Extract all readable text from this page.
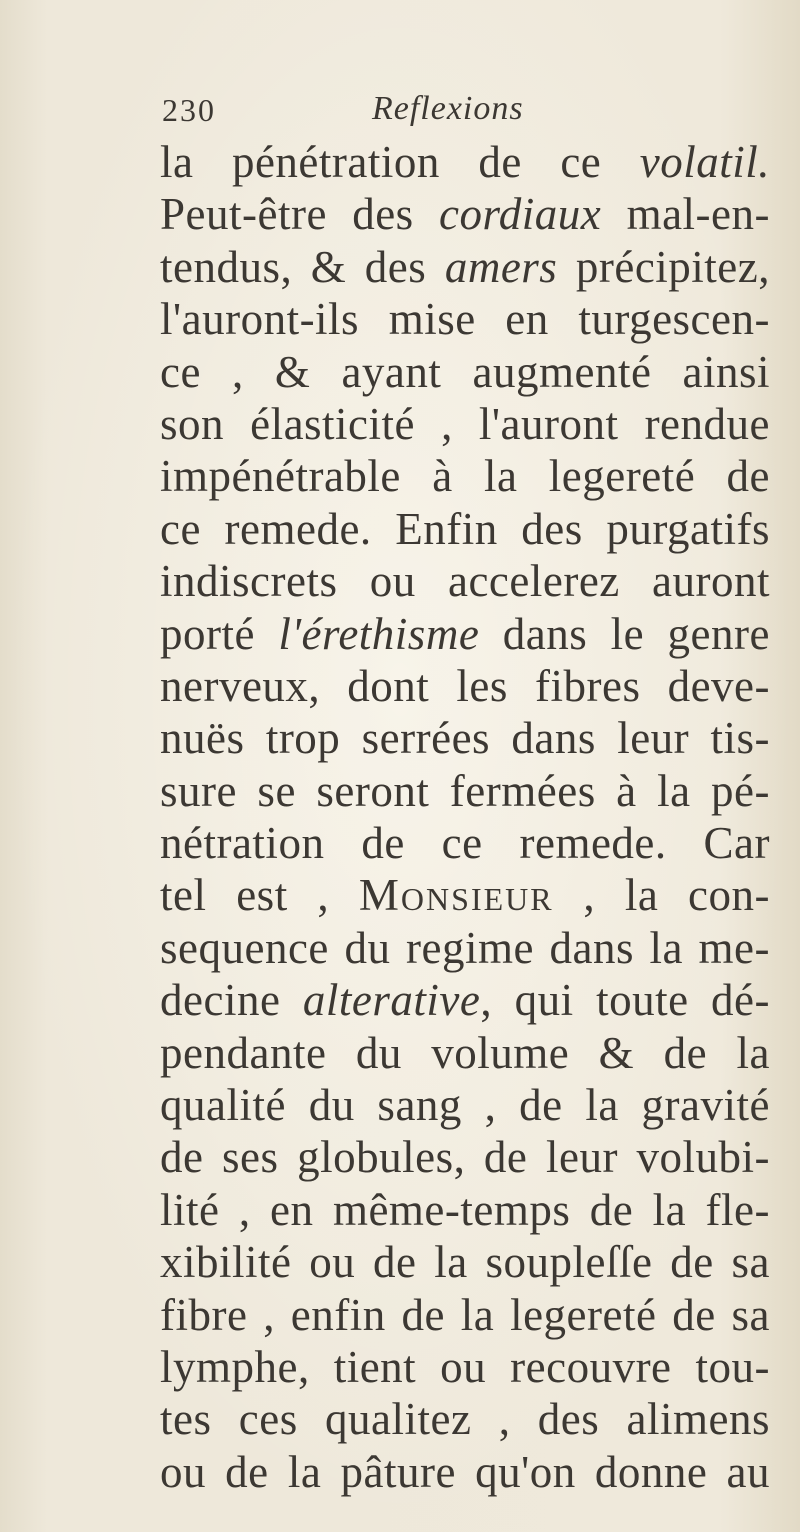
230	Reflexions
la pénétration de ce volatil.
Peut-être des cordiaux mal-en-
tendus, & des amers précipitez,
l'auront-ils mise en turgescen-
ce , & ayant augmenté ainsi
son élasticité , l'auront rendue
impénétrable à la legereté de
ce remede. Enfin des purgatifs
indiscrets ou accelerez auront
porté l'érethisme dans le genre
nerveux, dont les fibres deve-
nuës trop serrées dans leur tis-
sure se seront fermées à la pé-
nétration de ce remede. Car
tel est , Monsieur , la con-
sequence du regime dans la me-
decine alterative, qui toute dé-
pendante du volume & de la
qualité du sang , de la gravité
de ses globules, de leur volubi-
lité , en même-temps de la fle-
xibilité ou de la soupleſſe de sa
fibre , enfin de la legereté de sa
lymphe, tient ou recouvre tou-
tes ces qualitez , des alimens
ou de la pâture qu'on donne au
